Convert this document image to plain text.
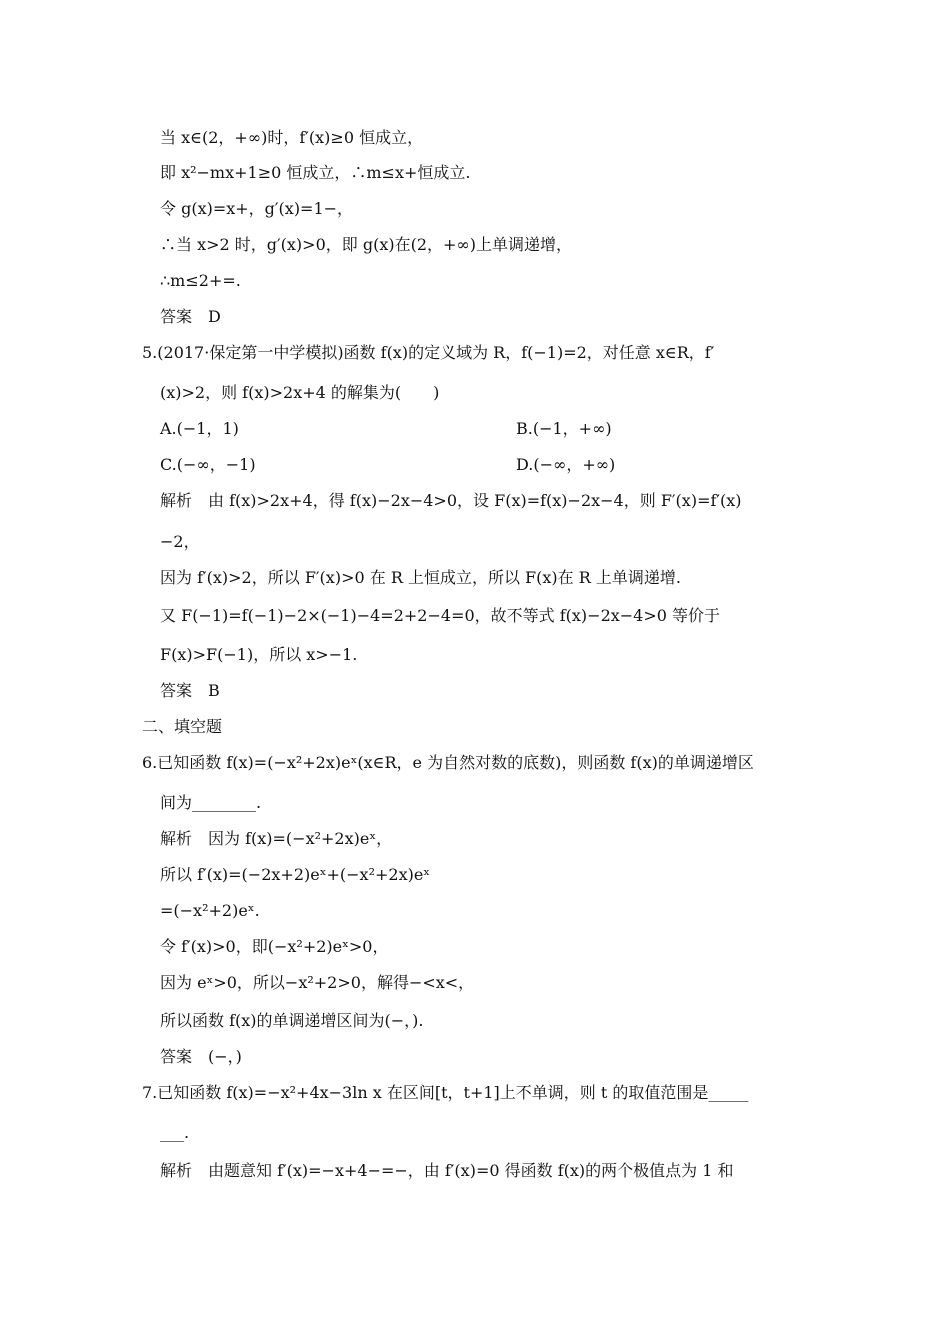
当 x∈(2，+∞)时，f′(x)≥0 恒成立，
即 x²−mx+1≥0 恒成立，∴m≤x+恒成立.
令 g(x)=x+，g′(x)=1−，
∴当 x>2 时，g′(x)>0，即 g(x)在(2，+∞)上单调递增，
∴m≤2+=.
答案　D
5.(2017·保定第一中学模拟)函数 f(x)的定义域为 R，f(−1)=2，对任意 x∈R，f′
(x)>2，则 f(x)>2x+4 的解集为(　　)
A.(−1，1)	B.(−1，+∞)
C.(−∞，−1)	D.(−∞，+∞)
解析　由 f(x)>2x+4，得 f(x)−2x−4>0，设 F(x)=f(x)−2x−4，则 F′(x)=f′(x)
−2，
因为 f′(x)>2，所以 F′(x)>0 在 R 上恒成立，所以 F(x)在 R 上单调递增.
又 F(−1)=f(−1)−2×(−1)−4=2+2−4=0，故不等式 f(x)−2x−4>0 等价于
F(x)>F(−1)，所以 x>−1.
答案　B
二、填空题
6.已知函数 f(x)=(−x²+2x)eˣ(x∈R，e 为自然对数的底数)，则函数 f(x)的单调递增区
间为________.
解析　因为 f(x)=(−x²+2x)eˣ，
所以 f′(x)=(−2x+2)eˣ+(−x²+2x)eˣ
=(−x²+2)eˣ.
令 f′(x)>0，即(−x²+2)eˣ>0，
因为 eˣ>0，所以−x²+2>0，解得−<x<，
所以函数 f(x)的单调递增区间为(−，).
答案　(−，)
7.已知函数 f(x)=−x²+4x−3ln x 在区间[t，t+1]上不单调，则 t 的取值范围是_____
___.
解析　由题意知 f′(x)=−x+4−=−，由 f′(x)=0 得函数 f(x)的两个极值点为 1 和
